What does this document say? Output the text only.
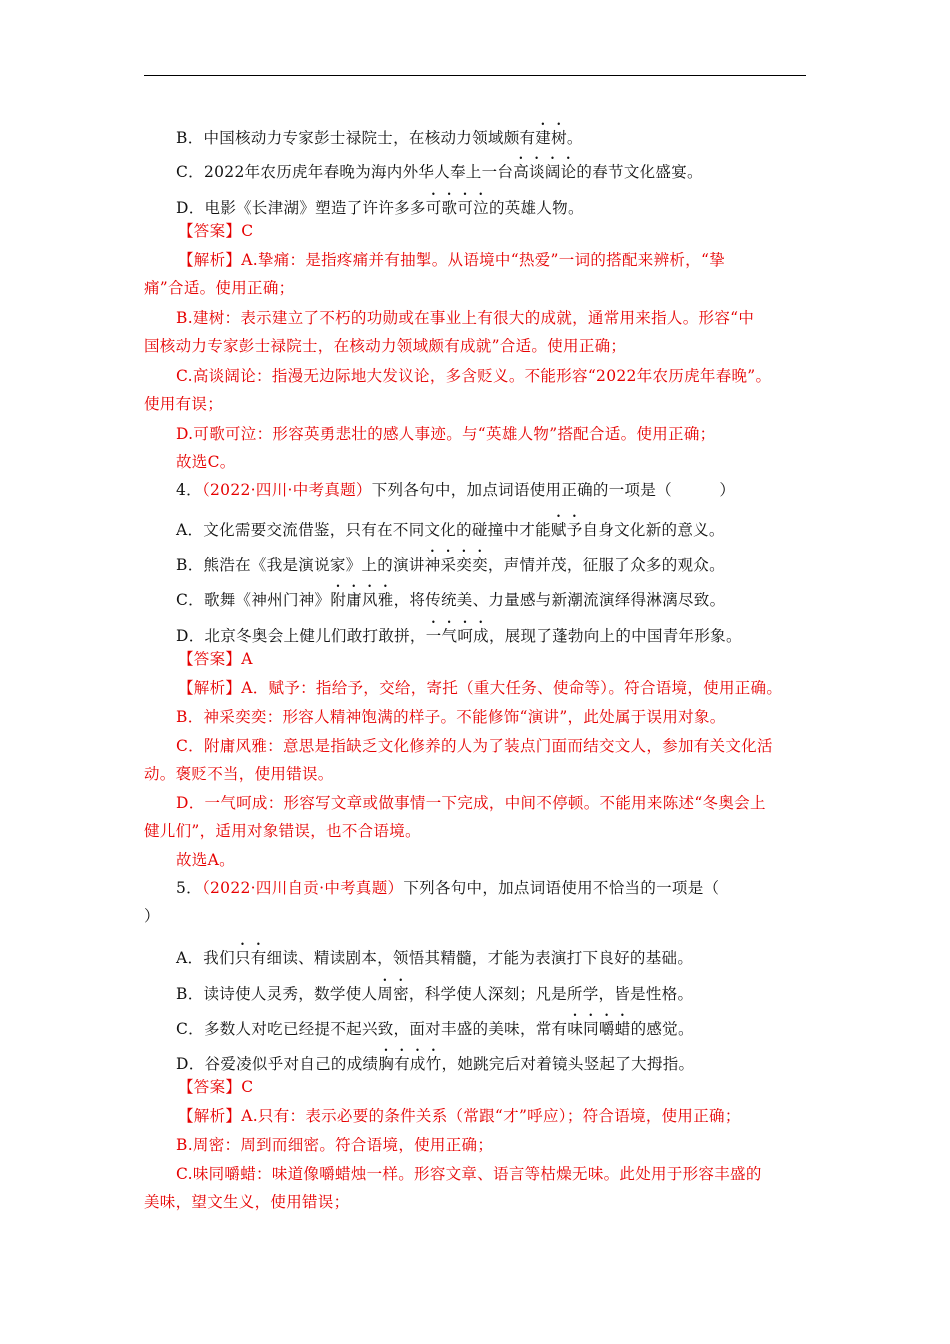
B．中国核动力专家彭士禄院士，在核动力领域颇有建树。
C．2022年农历虎年春晚为海内外华人奉上一台高谈阔论的春节文化盛宴。
D．电影《长津湖》塑造了许许多多可歌可泣的英雄人物。
【答案】C
【解析】A.挚痛：是指疼痛并有抽掣。从语境中“热爱”一词的搭配来辨析，“挚
痛”合适。使用正确；
B.建树：表示建立了不朽的功勋或在事业上有很大的成就，通常用来指人。形容“中
国核动力专家彭士禄院士，在核动力领域颇有成就”合适。使用正确；
C.高谈阔论：指漫无边际地大发议论，多含贬义。不能形容“2022年农历虎年春晚”。
使用有误；
D.可歌可泣：形容英勇悲壮的感人事迹。与“英雄人物”搭配合适。使用正确；
故选C。
4．（2022·四川·中考真题）下列各句中，加点词语使用正确的一项是（　　　）
A．文化需要交流借鉴，只有在不同文化的碰撞中才能赋予自身文化新的意义。
B．熊浩在《我是演说家》上的演讲神采奕奕，声情并茂，征服了众多的观众。
C．歌舞《神州门神》附庸风雅，将传统美、力量感与新潮流演绎得淋漓尽致。
D．北京冬奥会上健儿们敢打敢拼，一气呵成，展现了蓬勃向上的中国青年形象。
【答案】A
【解析】A．赋予：指给予，交给，寄托（重大任务、使命等）。符合语境，使用正确。
B．神采奕奕：形容人精神饱满的样子。不能修饰“演讲”，此处属于误用对象。
C．附庸风雅：意思是指缺乏文化修养的人为了装点门面而结交文人，参加有关文化活
动。褒贬不当，使用错误。
D．一气呵成：形容写文章或做事情一下完成，中间不停顿。不能用来陈述“冬奥会上
健儿们”，适用对象错误，也不合语境。
故选A。
5．（2022·四川自贡·中考真题）下列各句中，加点词语使用不恰当的一项是（
）
A．我们只有细读、精读剧本，领悟其精髓，才能为表演打下良好的基础。
B．读诗使人灵秀，数学使人周密，科学使人深刻；凡是所学，皆是性格。
C．多数人对吃已经提不起兴致，面对丰盛的美味，常有味同嚼蜡的感觉。
D．谷爱凌似乎对自己的成绩胸有成竹，她跳完后对着镜头竖起了大拇指。
【答案】C
【解析】A.只有：表示必要的条件关系（常跟“才”呼应）；符合语境，使用正确；
B.周密：周到而细密。符合语境，使用正确；
C.味同嚼蜡：味道像嚼蜡烛一样。形容文章、语言等枯燥无味。此处用于形容丰盛的
美味，望文生义，使用错误；
